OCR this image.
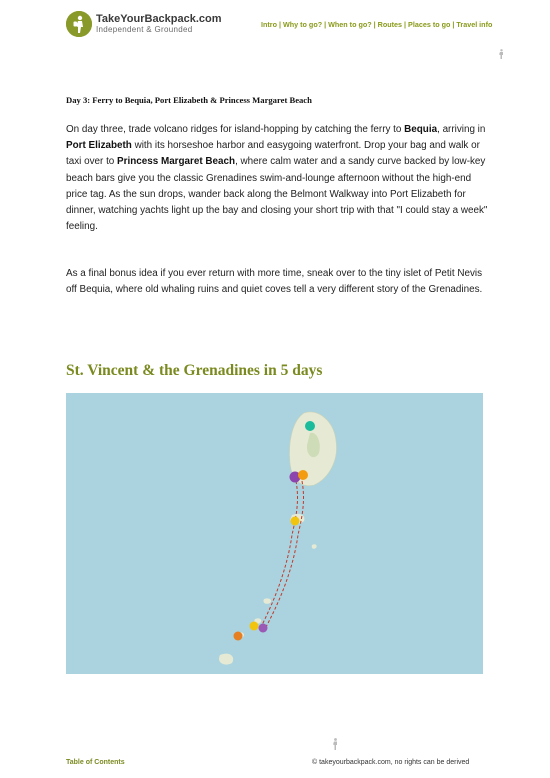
TakeYourBackpack.com
Independent & Grounded
Intro | Why to go? | When to go? | Routes | Places to go | Travel info
Day 3: Ferry to Bequia, Port Elizabeth & Princess Margaret Beach
On day three, trade volcano ridges for island-hopping by catching the ferry to Bequia, arriving in Port Elizabeth with its horseshoe harbor and easygoing waterfront. Drop your bag and walk or taxi over to Princess Margaret Beach, where calm water and a sandy curve backed by low-key beach bars give you the classic Grenadines swim-and-lounge afternoon without the high-end price tag. As the sun drops, wander back along the Belmont Walkway into Port Elizabeth for dinner, watching yachts light up the bay and closing your short trip with that "I could stay a week" feeling.
As a final bonus idea if you ever return with more time, sneak over to the tiny islet of Petit Nevis off Bequia, where old whaling ruins and quiet coves tell a very different story of the Grenadines.
St. Vincent & the Grenadines in 5 days
Table of Contents	© takeyourbackpack.com, no rights can be derived
